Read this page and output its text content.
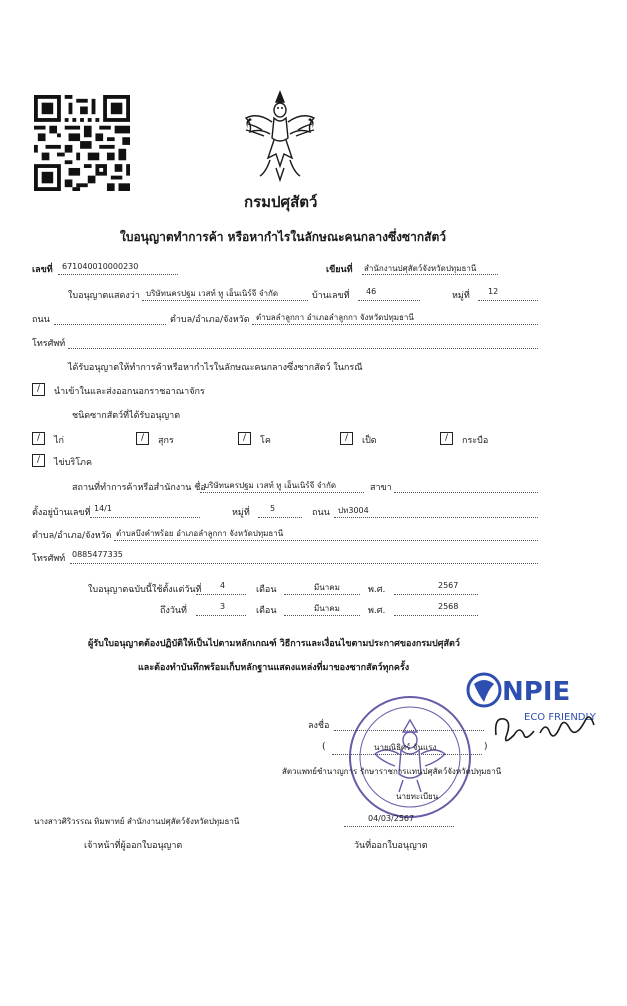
กรมปศุสัตว์
ใบอนุญาตทำการค้า หรือหากำไรในลักษณะคนกลางซึ่งซากสัตว์
เลขที่ 671040010000230	เขียนที่ สำนักงานปศุสัตว์จังหวัดปทุมธานี
ใบอนุญาตแสดงว่า บริษัทนครปฐม เวสท์ ทู เอ็นเนิร์จี จำกัด	บ้านเลขที่ 46	หมู่ที่ 12
ถนน	ตำบล/อำเภอ/จังหวัด ตำบลลำลูกกา อำเภอลำลูกกา จังหวัดปทุมธานี
โทรศัพท์
ได้รับอนุญาตให้ทำการค้าหรือหากำไรในลักษณะคนกลางซึ่งซากสัตว์ ในกรณี
/	นำเข้าในและส่งออกนอกราชอาณาจักร
ชนิดซากสัตว์ที่ได้รับอนุญาต
/	ไก่	/	สุกร	/	โค	/	เป็ด	/	กระบือ
/	ไข่บริโภค
สถานที่ทำการค้าหรือสำนักงาน ชื่อ
บริษัทนครปฐม เวสท์ ทู เอ็นเนิร์จี จำกัด	สาขา
ตั้งอยู่บ้านเลขที่ 14/1	หมู่ที่	5	ถนน ปท3004
ตำบล/อำเภอ/จังหวัด ตำบลบึงคำพร้อย อำเภอลำลูกกา จังหวัดปทุมธานี
โทรศัพท์ 0885477335
ใบอนุญาตฉบับนี้ใช้ตั้งแต่วันที่ 4	เดือน	มีนาคม	พ.ศ.	2567
ถึงวันที่	3	เดือน	มีนาคม	พ.ศ.	2568
ผู้รับใบอนุญาตต้องปฏิบัติให้เป็นไปตามหลักเกณฑ์ วิธีการและเงื่อนไขตามประกาศของกรมปศุสัตว์
และต้องทำบันทึกพร้อมเก็บหลักฐานแสดงแหล่งที่มาของซากสัตว์ทุกครั้ง
NPIE
ECO FRIENDLY
ลงชื่อ
(	นายณิธิศร์ จันแรง	)
สัตวแพทย์ชำนาญการ รักษาราชการแทนปศุสัตว์จังหวัดปทุมธานี
นายทะเบียน
นางสาวศิริวรรณ ทิมพาทย์ สำนักงานปศุสัตว์จังหวัดปทุมธานี
เจ้าหน้าที่ผู้ออกใบอนุญาต
04/03/2567
วันที่ออกใบอนุญาต
